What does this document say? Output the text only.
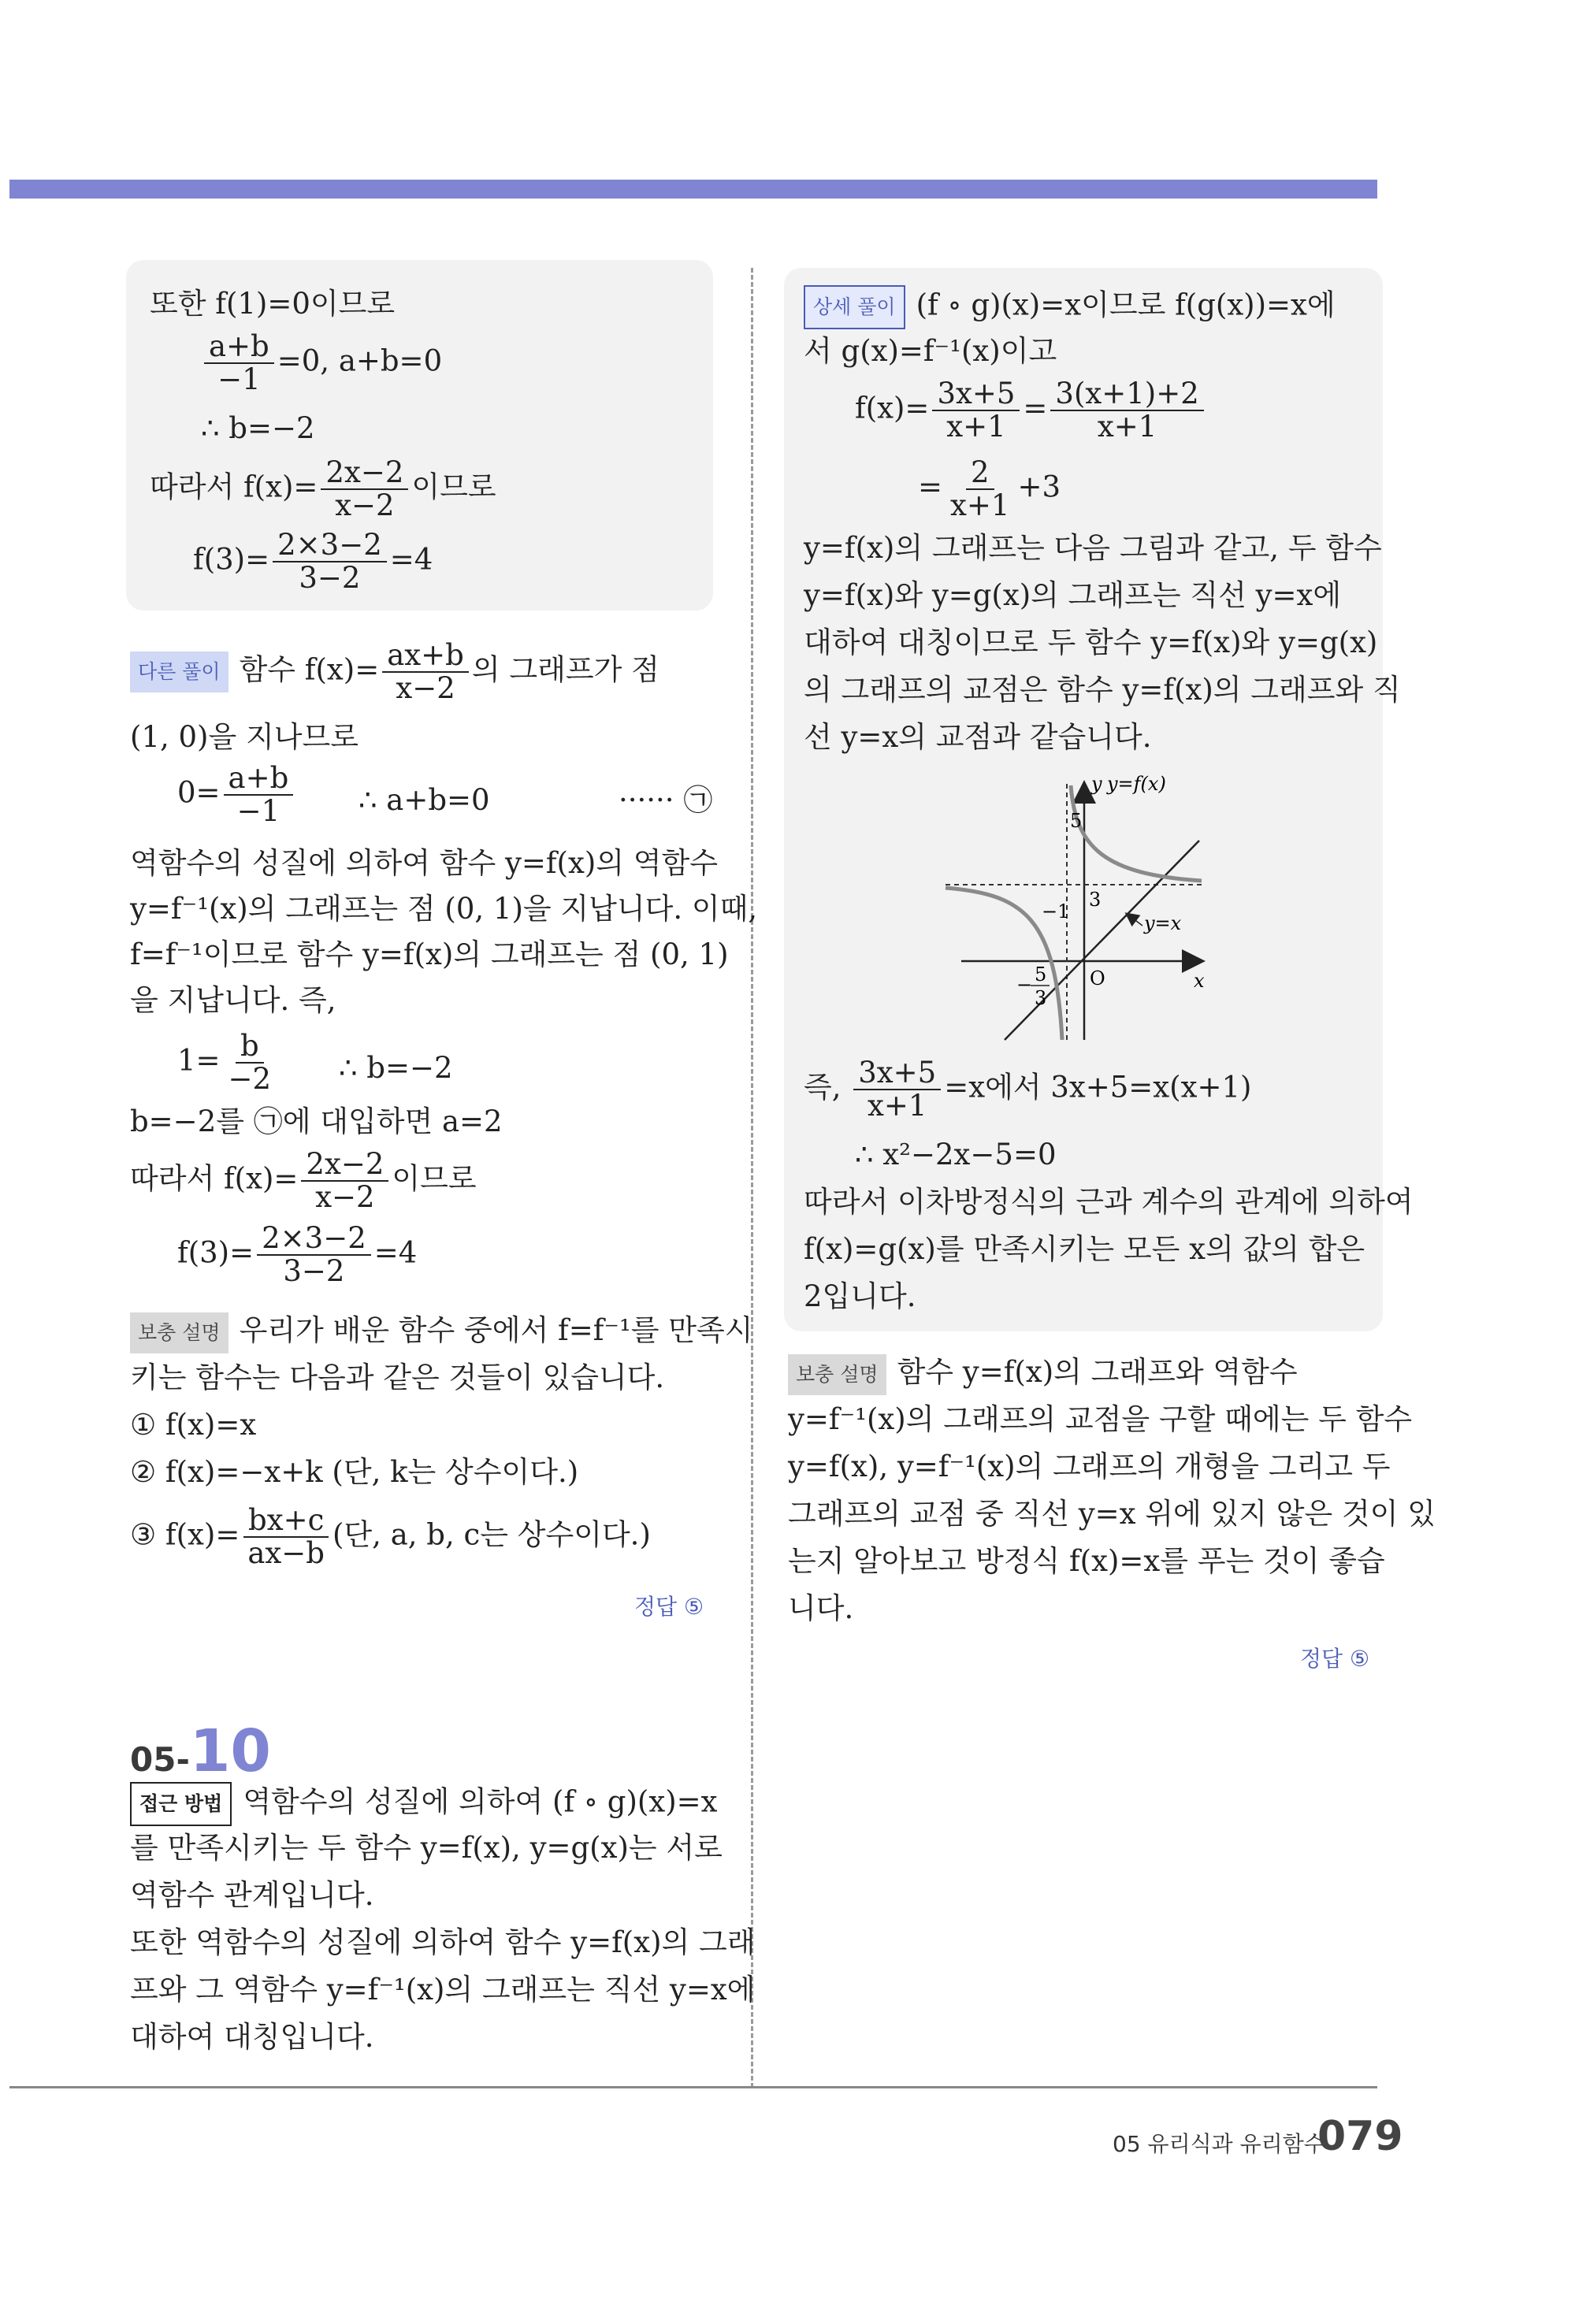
또한 f(1)=0이므로
$\frac{a+b}{-1} =0$, a+b=0
∴ b=−2
따라서 $f(x)= \frac{2x-2}{x-2}$ 이므로
$f(3)= \frac{2\times 3-2}{3-2} =4$
다른 풀이 함수 $f(x)= \frac{ax+b}{x-2}$ 의 그래프가 점
(1, 0)을 지나므로
$0= \frac{a+b}{-1}$ ∴ a+b=0	······ ㉠
역함수의 성질에 의하여 함수 y=f(x)의 역함수
y=f⁻¹(x)의 그래프는 점 (0, 1)을 지납니다. 이때,
f=f⁻¹이므로 함수 y=f(x)의 그래프는 점 (0, 1)
을 지납니다. 즉,
$1= \frac{b}{-2}$ ∴ b=−2
b=−2를 ㉠에 대입하면 a=2
따라서 $f(x)= \frac{2x-2}{x-2}$ 이므로
$f(3)= \frac{2\times 3-2}{3-2} =4$
보충 설명 우리가 배운 함수 중에서 f=f⁻¹를 만족시
키는 함수는 다음과 같은 것들이 있습니다.
① f(x)=x
② f(x)=−x+k (단, k는 상수이다.)
③ $f(x)= \frac{bx+c}{ax-b}$ (단, a, b, c는 상수이다.)
정답 ⑤
05-10
접근 방법 역함수의 성질에 의하여 (f ∘ g)(x)=x
를 만족시키는 두 함수 y=f(x), y=g(x)는 서로
역함수 관계입니다.
또한 역함수의 성질에 의하여 함수 y=f(x)의 그래
프와 그 역함수 y=f⁻¹(x)의 그래프는 직선 y=x에
대하여 대칭입니다.
상세 풀이 (f ∘ g)(x)=x이므로 f(g(x))=x에
서 g(x)=f⁻¹(x)이고
$f(x)= \frac{3x+5}{x+1} = \frac{3(x+1)+2}{x+1}$
= $\frac{2}{x+1} +3$
y=f(x)의 그래프는 다음 그림과 같고, 두 함수
y=f(x)와 y=g(x)의 그래프는 직선 y=x에
대하여 대칭이므로 두 함수 y=f(x)와 y=g(x)
의 그래프의 교점은 함수 y=f(x)의 그래프와 직
선 y=x의 교점과 같습니다.
y y=f(x)
y=x
x
O
5
3
−1
− 5
3
즉, $\frac{3x+5}{x+1} =x$에서 3x+5=x(x+1)
∴ x²−2x−5=0
따라서 이차방정식의 근과 계수의 관계에 의하여
f(x)=g(x)를 만족시키는 모든 x의 값의 합은
2입니다.
보충 설명 함수 y=f(x)의 그래프와 역함수
y=f⁻¹(x)의 그래프의 교점을 구할 때에는 두 함수
y=f(x), y=f⁻¹(x)의 그래프의 개형을 그리고 두
그래프의 교점 중 직선 y=x 위에 있지 않은 것이 있
는지 알아보고 방정식 f(x)=x를 푸는 것이 좋습
니다.
정답 ⑤
05 유리식과 유리함수
079
